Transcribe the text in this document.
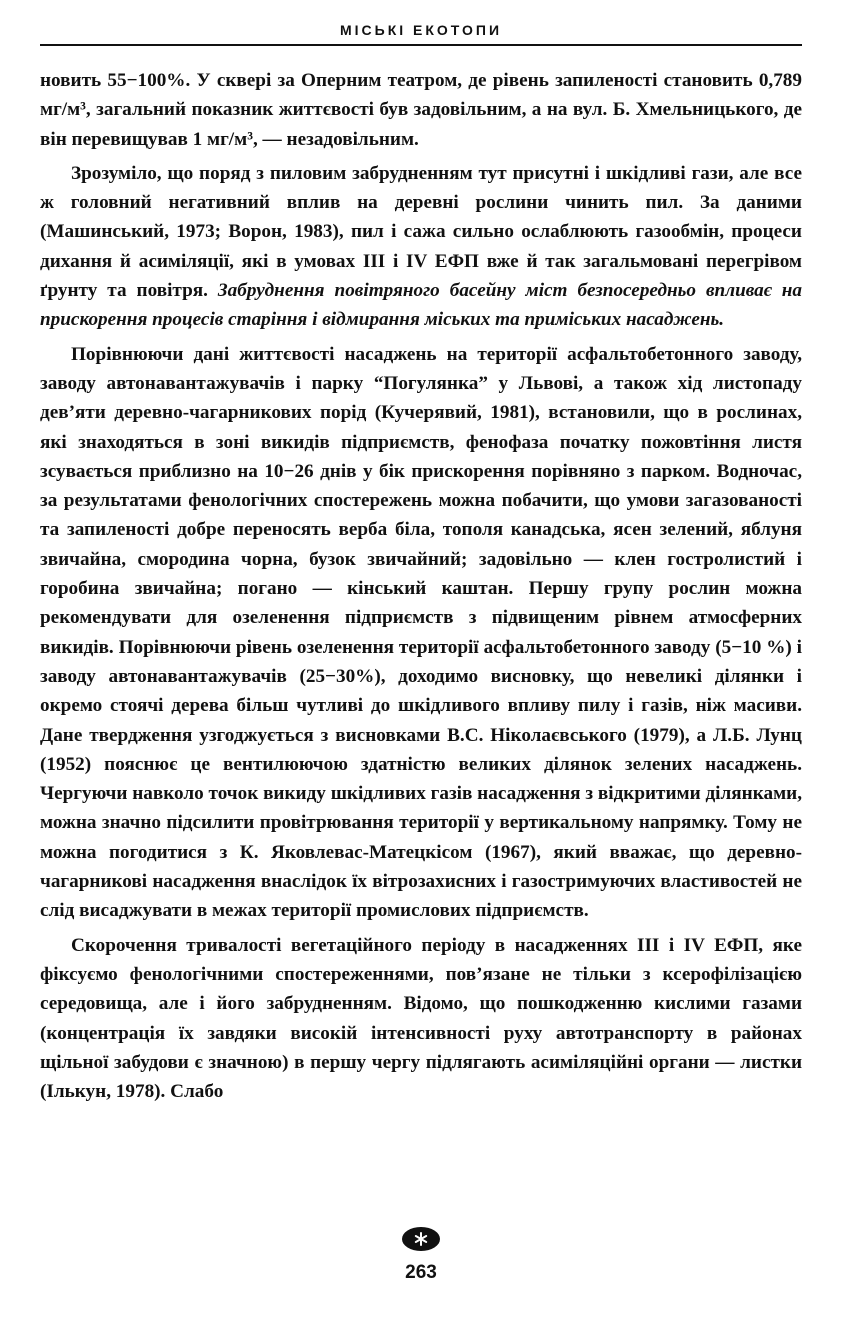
МІСЬКІ ЕКОТОПИ

новить 55−100%. У сквері за Оперним театром, де рівень запиленості становить 0,789 мг/м³, загальний показник життєвості був задовільним, а на вул. Б. Хмельницького, де він перевищував 1 мг/м³, — незадовільним.

Зрозуміло, що поряд з пиловим забрудненням тут присутні і шкідливі гази, але все ж головний негативний вплив на деревні рослини чинить пил. За даними (Машинський, 1973; Ворон, 1983), пил і сажа сильно ослаблюють газообмін, процеси дихання й асиміляції, які в умовах III і IV ЕФП вже й так загальмовані перегрівом ґрунту та повітря. Забруднення повітряного басейну міст безпосередньо впливає на прискорення процесів старіння і відмирання міських та приміських насаджень.

Порівнюючи дані життєвості насаджень на території асфальтобетонного заводу, заводу автонавантажувачів і парку “Погулянка” у Львові, а також хід листопаду дев’яти деревно-чагарникових порід (Кучерявий, 1981), встановили, що в рослинах, які знаходяться в зоні викидів підприємств, фенофаза початку пожовтіння листя зсувається приблизно на 10−26 днів у бік прискорення порівняно з парком. Водночас, за результатами фенологічних спостережень можна побачити, що умови загазованості та запиленості добре переносять верба біла, тополя канадська, ясен зелений, яблуня звичайна, смородина чорна, бузок звичайний; задовільно — клен гостролистий і горобина звичайна; погано — кінський каштан. Першу групу рослин можна рекомендувати для озеленення підприємств з підвищеним рівнем атмосферних викидів. Порівнюючи рівень озеленення території асфальтобетонного заводу (5−10 %) і заводу автонавантажувачів (25−30%), доходимо висновку, що невеликі ділянки і окремо стоячі дерева більш чутливі до шкідливого впливу пилу і газів, ніж масиви. Дане твердження узгоджується з висновками В.С. Ніколаєвського (1979), а Л.Б. Лунц (1952) пояснює це вентилюючою здатністю великих ділянок зелених насаджень. Чергуючи навколо точок викиду шкідливих газів насадження з відкритими ділянками, можна значно підсилити провітрювання території у вертикальному напрямку. Тому не можна погодитися з К. Яковлевас-Матецкісом (1967), який вважає, що деревно-чагарникові насадження внаслідок їх вітрозахисних і газостримуючих властивостей не слід висаджувати в межах території промислових підприємств.

Скорочення тривалості вегетаційного періоду в насадженнях III і IV ЕФП, яке фіксуємо фенологічними спостереженнями, пов’язане не тільки з ксерофілізацією середовища, але і його забрудненням. Відомо, що пошкодженню кислими газами (концентрація їх завдяки високій інтенсивності руху автотранспорту в районах щільної забудови є значною) в першу чергу підлягають асиміляційні органи — листки (Ількун, 1978). Слабо

263
